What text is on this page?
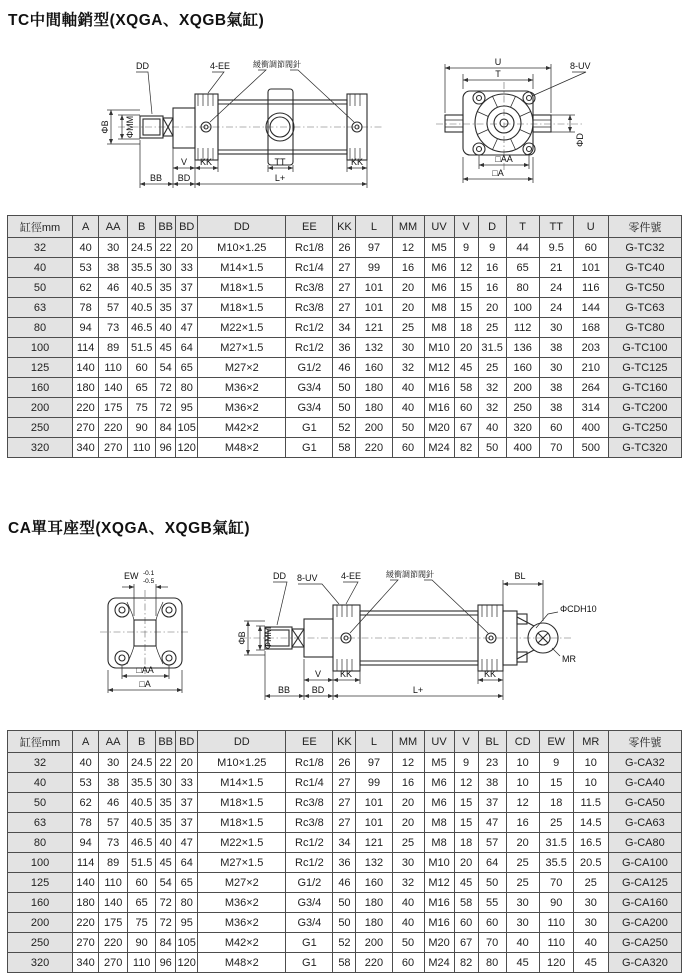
TC中間軸銷型(XQGA、XQGB氣缸)
DD	4-EE	緩衝調節閥針
ΦB ΦMM
V KK	TT	KK
BB BD	L+
U
T
8-UV
ΦD
□AA
□A
缸徑mm	A	AA	B	BB	BD	DD	EE	KK	L	MM	UV	V	D	T	TT	U	零件號
32	40	30	24.5	22	20	M10×1.25	Rc1/8	26	97	12	M5	9	9	44	9.5	60	G-TC32
40	53	38	35.5	30	33	M14×1.5	Rc1/4	27	99	16	M6	12	16	65	21	101	G-TC40
50	62	46	40.5	35	37	M18×1.5	Rc3/8	27	101	20	M6	15	16	80	24	116	G-TC50
63	78	57	40.5	35	37	M18×1.5	Rc3/8	27	101	20	M8	15	20	100	24	144	G-TC63
80	94	73	46.5	40	47	M22×1.5	Rc1/2	34	121	25	M8	18	25	112	30	168	G-TC80
100	114	89	51.5	45	64	M27×1.5	Rc1/2	36	132	30	M10	20	31.5	136	38	203	G-TC100
125	140	110	60	54	65	M27×2	G1/2	46	160	32	M12	45	25	160	30	210	G-TC125
160	180	140	65	72	80	M36×2	G3/4	50	180	40	M16	58	32	200	38	264	G-TC160
200	220	175	75	72	95	M36×2	G3/4	50	180	40	M16	60	32	250	38	314	G-TC200
250	270	220	90	84	105	M42×2	G1	52	200	50	M20	67	40	320	60	400	G-TC250
320	340	270	110	96	120	M48×2	G1	58	220	60	M24	82	50	400	70	500	G-TC320
CA單耳座型(XQGA、XQGB氣缸)
EW -0.1
-0.5
□AA
□A
DD 8-UV	4-EE	緩衝調節閥針
ΦCDH10
MR
ΦB ΦMM
BL
V KK	KK
BB BD	L+
缸徑mm	A	AA	B	BB	BD	DD	EE	KK	L	MM	UV	V	BL	CD	EW	MR	零件號
32	40	30	24.5	22	20	M10×1.25	Rc1/8	26	97	12	M5	9	23	10	9	10	G-CA32
40	53	38	35.5	30	33	M14×1.5	Rc1/4	27	99	16	M6	12	38	10	15	10	G-CA40
50	62	46	40.5	35	37	M18×1.5	Rc3/8	27	101	20	M6	15	37	12	18	11.5	G-CA50
63	78	57	40.5	35	37	M18×1.5	Rc3/8	27	101	20	M8	15	47	16	25	14.5	G-CA63
80	94	73	46.5	40	47	M22×1.5	Rc1/2	34	121	25	M8	18	57	20	31.5	16.5	G-CA80
100	114	89	51.5	45	64	M27×1.5	Rc1/2	36	132	30	M10	20	64	25	35.5	20.5	G-CA100
125	140	110	60	54	65	M27×2	G1/2	46	160	32	M12	45	50	25	70	25	G-CA125
160	180	140	65	72	80	M36×2	G3/4	50	180	40	M16	58	55	30	90	30	G-CA160
200	220	175	75	72	95	M36×2	G3/4	50	180	40	M16	60	60	30	110	30	G-CA200
250	270	220	90	84	105	M42×2	G1	52	200	50	M20	67	70	40	110	40	G-CA250
320	340	270	110	96	120	M48×2	G1	58	220	60	M24	82	80	45	120	45	G-CA320
